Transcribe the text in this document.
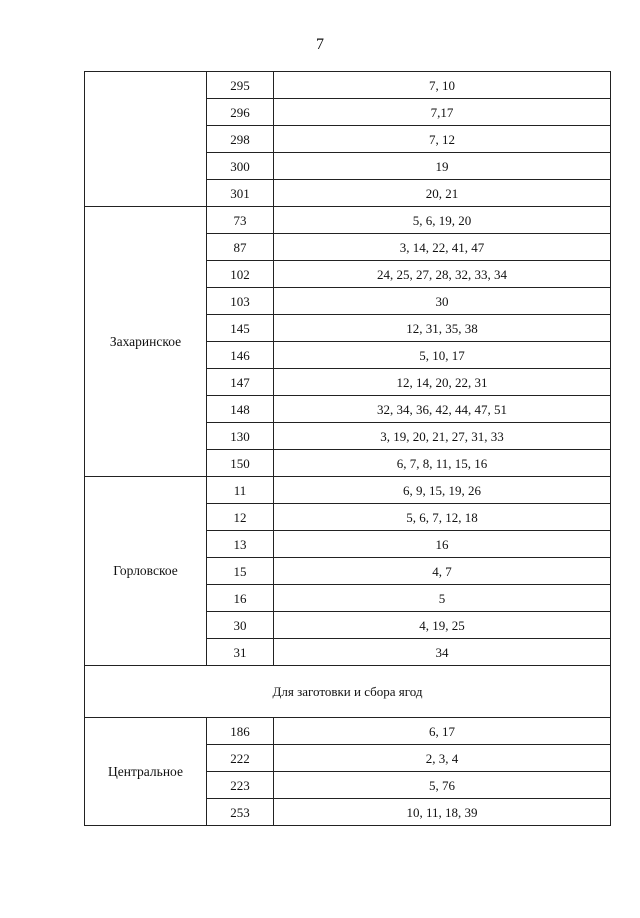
7
	295	7, 10
	296	7,17
	298	7, 12
	300	19
	301	20, 21
Захаринское	73	5, 6, 19, 20
	87	3, 14, 22, 41, 47
	102	24, 25, 27, 28, 32, 33, 34
	103	30
	145	12, 31, 35, 38
	146	5, 10, 17
	147	12, 14, 20, 22, 31
	148	32, 34, 36, 42, 44, 47, 51
	130	3, 19, 20, 21, 27, 31, 33
	150	6, 7, 8, 11, 15, 16
Горловское	11	6, 9, 15, 19, 26
	12	5, 6, 7, 12, 18
	13	16
	15	4, 7
	16	5
	30	4, 19, 25
	31	34
Для заготовки и сбора ягод		
Центральное	186	6, 17
	222	2, 3, 4
	223	5, 76
	253	10, 11, 18, 39
